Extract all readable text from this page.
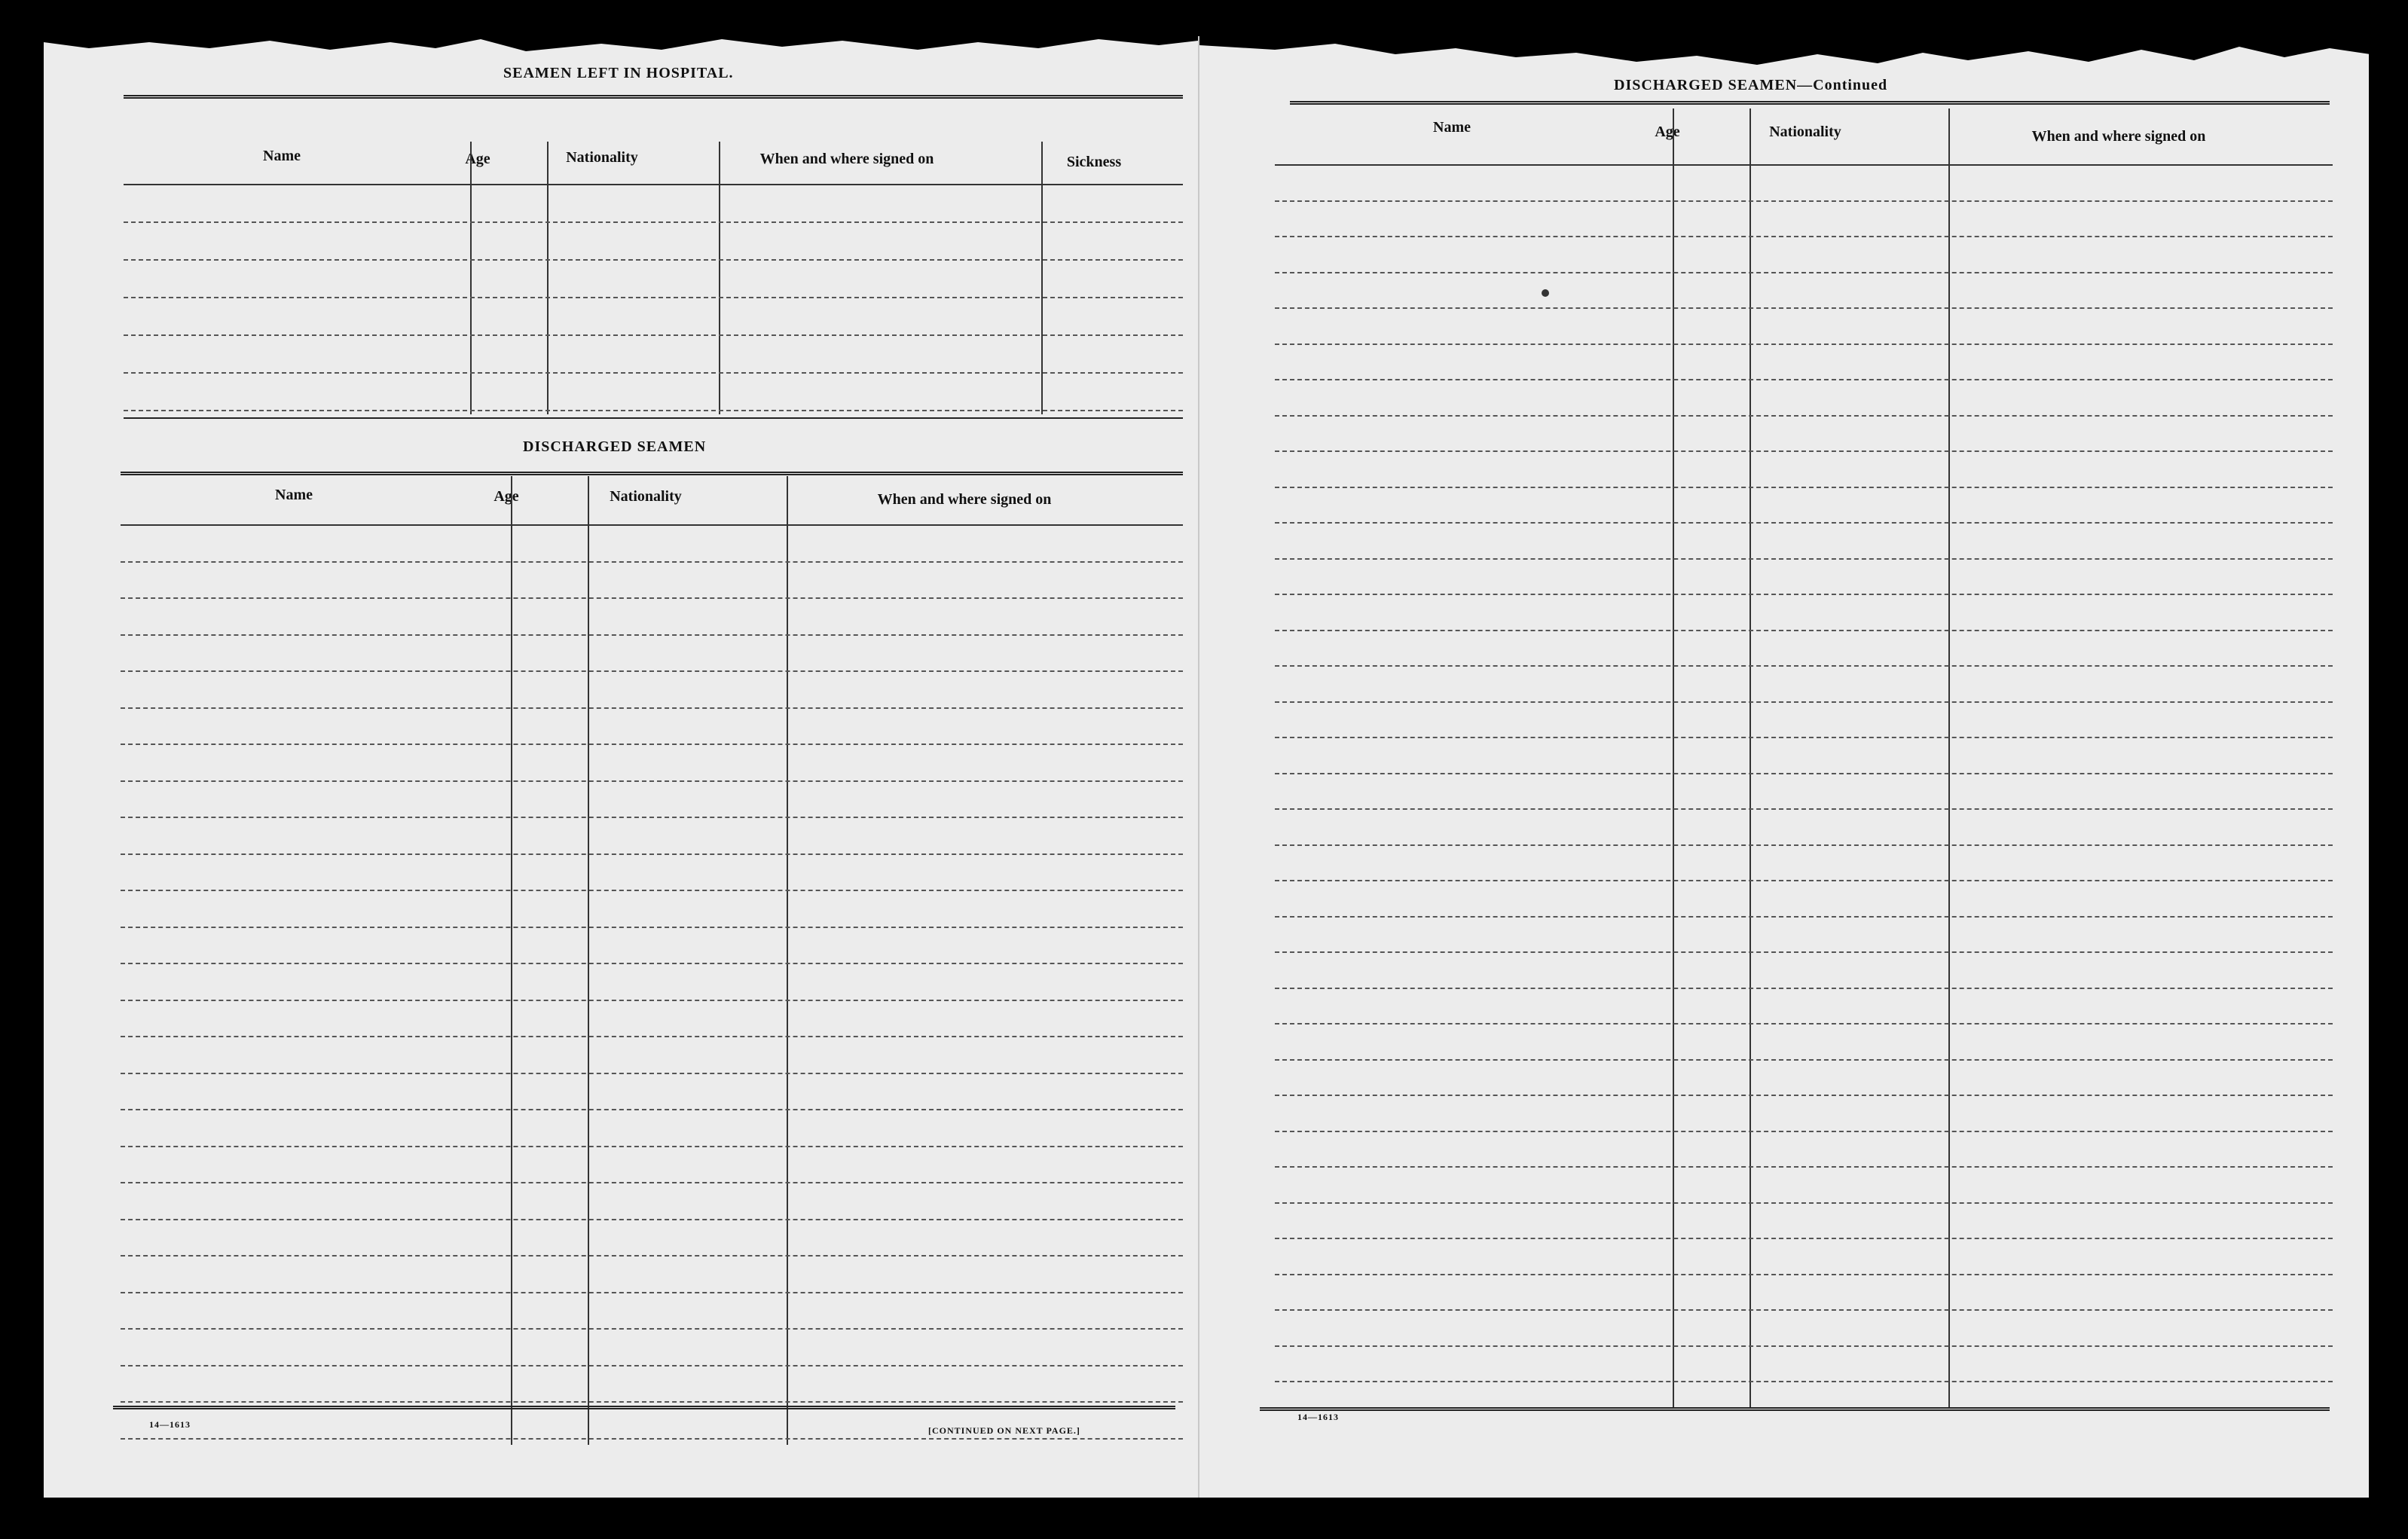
SEAMEN LEFT IN HOSPITAL.
Name	Age	Nationality	When and where signed on	Sickness
DISCHARGED SEAMEN
Name	Age	Nationality	When and where signed on
14—1613
[CONTINUED ON NEXT PAGE.]
DISCHARGED SEAMEN—Continued
Name	Age	Nationality	When and where signed on
14—1613
